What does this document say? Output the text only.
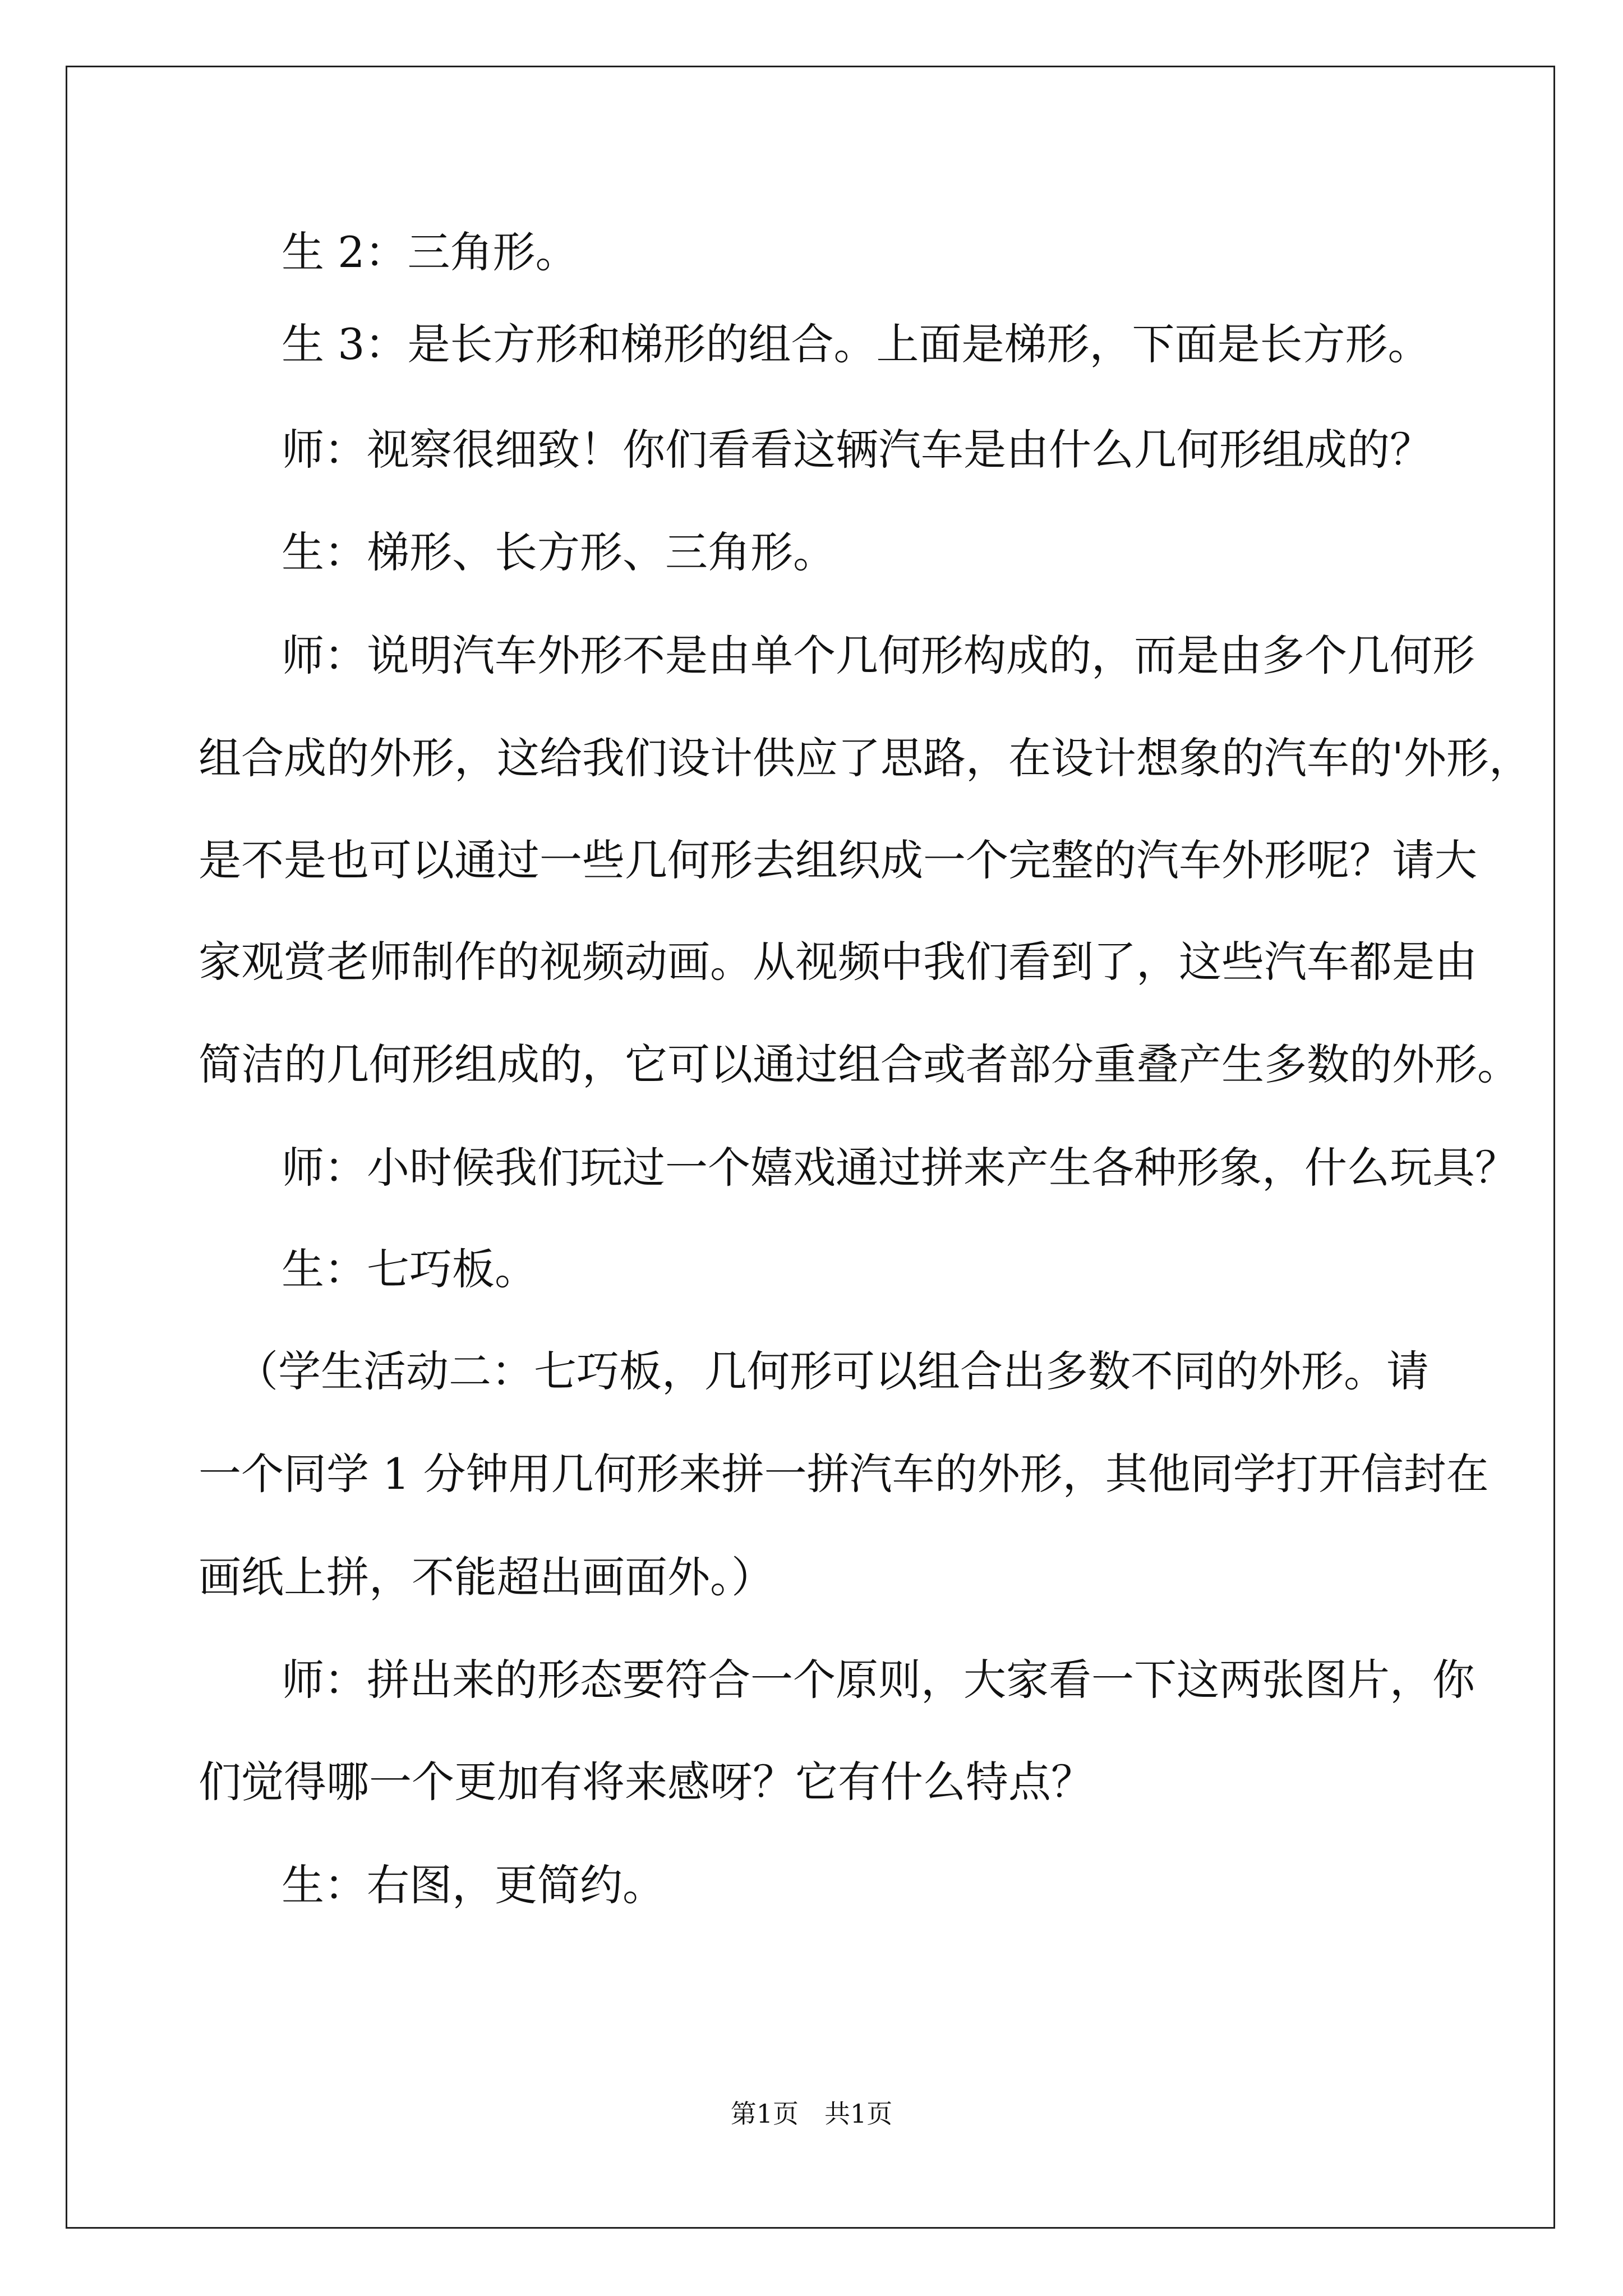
生 2：三角形。
生 3：是长方形和梯形的组合。上面是梯形，下面是长方形。
师：视察很细致！你们看看这辆汽车是由什么几何形组成的？
生：梯形、长方形、三角形。
师：说明汽车外形不是由单个几何形构成的，而是由多个几何形
组合成的外形，这给我们设计供应了思路，在设计想象的汽车的'外形，
是不是也可以通过一些几何形去组织成一个完整的汽车外形呢？请大
家观赏老师制作的视频动画。从视频中我们看到了，这些汽车都是由
简洁的几何形组成的，它可以通过组合或者部分重叠产生多数的外形。
师：小时候我们玩过一个嬉戏通过拼来产生各种形象，什么玩具？
生：七巧板。
（学生活动二：七巧板，几何形可以组合出多数不同的外形。请
一个同学 1 分钟用几何形来拼一拼汽车的外形，其他同学打开信封在
画纸上拼，不能超出画面外。）
师：拼出来的形态要符合一个原则，大家看一下这两张图片，你
们觉得哪一个更加有将来感呀？它有什么特点？
生：右图，更简约。
第1页　共1页
